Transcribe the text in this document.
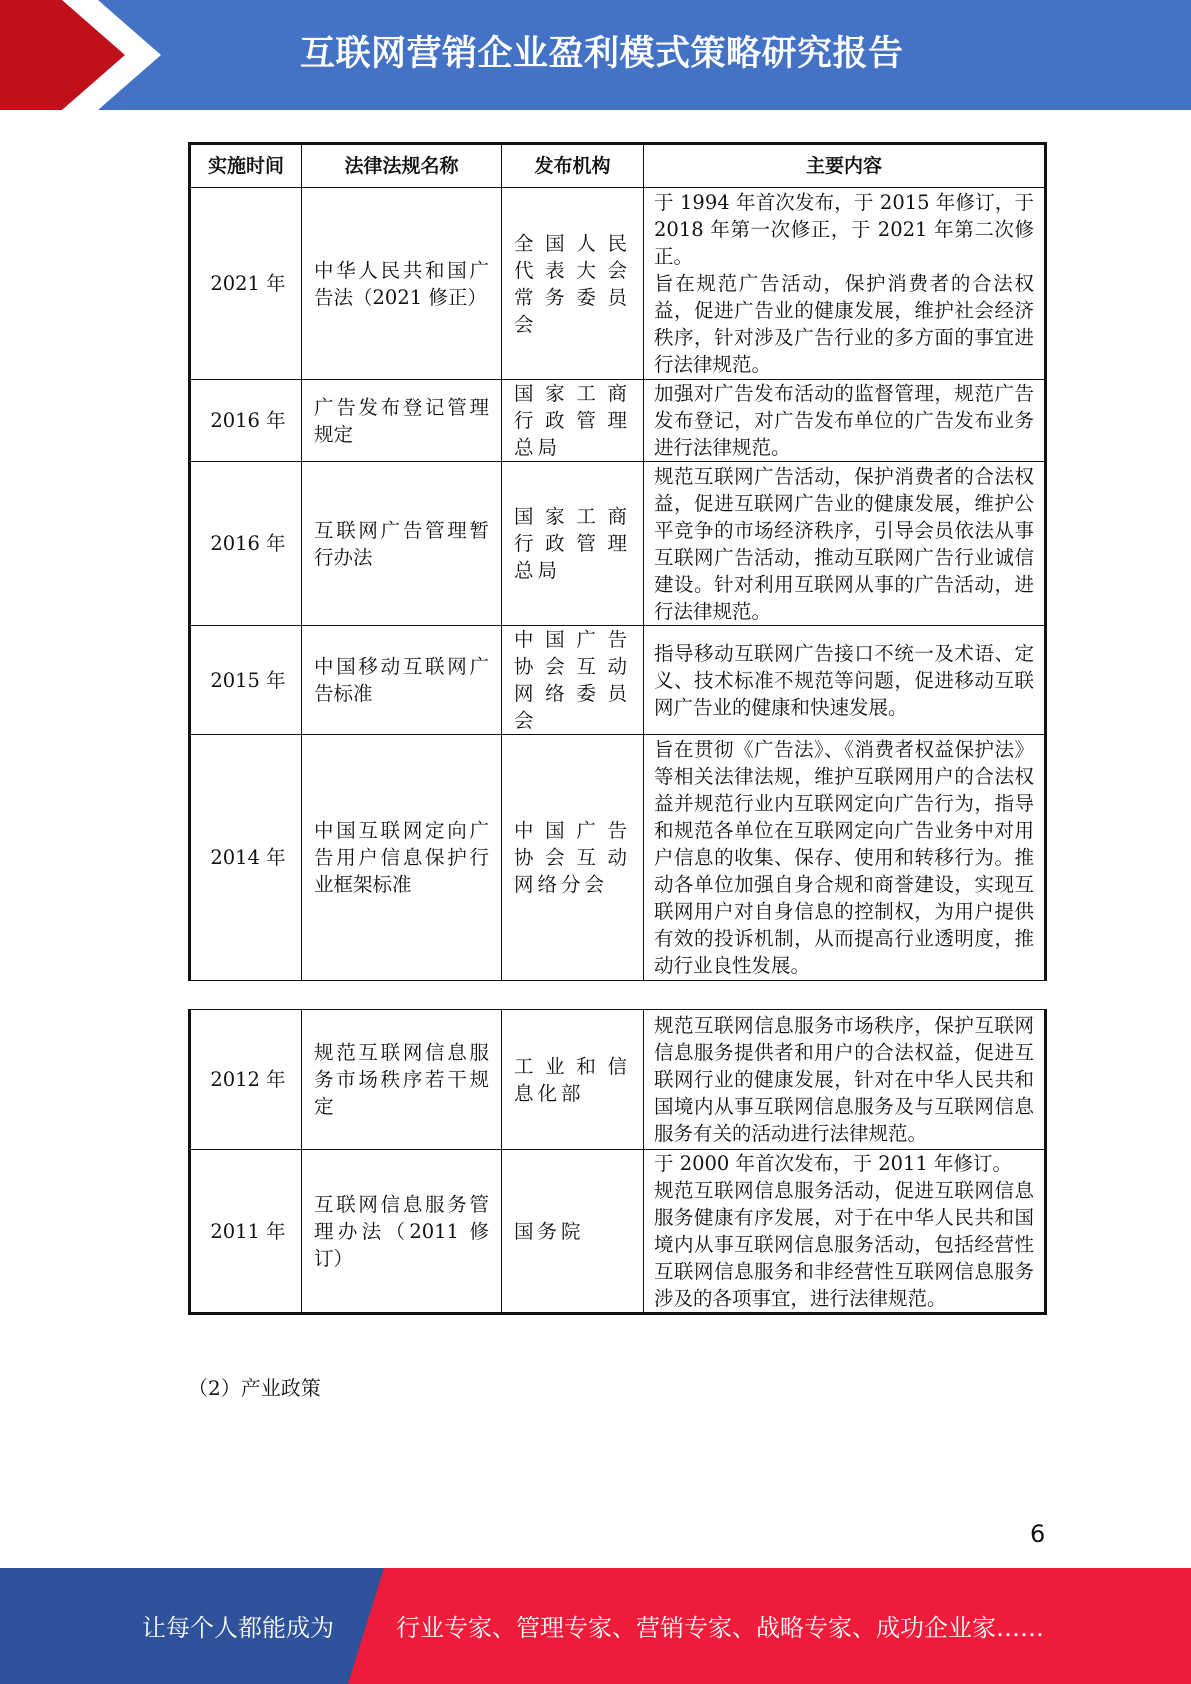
互联网营销企业盈利模式策略研究报告
实施时间	法律法规名称	发布机构	主要内容
2021 年	中华人民共和国广告法（2021 修正）	全国人民代表大会常务委员会	于 1994 年首次发布，于 2015 年修订，于 2018 年第一次修正，于 2021 年第二次修正。
旨在规范广告活动，保护消费者的合法权益，促进广告业的健康发展，维护社会经济秩序，针对涉及广告行业的多方面的事宜进行法律规范。

2016 年	广告发布登记管理规定	国家工商行政管理总局	加强对广告发布活动的监督管理，规范广告发布登记，对广告发布单位的广告发布业务进行法律规范。

2016 年	互联网广告管理暂行办法	国家工商行政管理总局	规范互联网广告活动，保护消费者的合法权益，促进互联网广告业的健康发展，维护公平竞争的市场经济秩序，引导会员依法从事互联网广告活动，推动互联网广告行业诚信建设。针对利用互联网从事的广告活动，进行法律规范。

2015 年	中国移动互联网广告标准	中国广告协会互动网络委员会	指导移动互联网广告接口不统一及术语、定义、技术标准不规范等问题，促进移动互联网广告业的健康和快速发展。

2014 年	中国互联网定向广告用户信息保护行业框架标准	中国广告协会互动网络分会	旨在贯彻《广告法》、《消费者权益保护法》等相关法律法规，维护互联网用户的合法权益并规范行业内互联网定向广告行为，指导和规范各单位在互联网定向广告业务中对用户信息的收集、保存、使用和转移行为。推动各单位加强自身合规和商誉建设，实现互联网用户对自身信息的控制权，为用户提供有效的投诉机制，从而提高行业透明度，推动行业良性发展。
2012 年	规范互联网信息服务市场秩序若干规定	工业和信息化部	规范互联网信息服务市场秩序，保护互联网信息服务提供者和用户的合法权益，促进互联网行业的健康发展，针对在中华人民共和国境内从事互联网信息服务及与互联网信息服务有关的活动进行法律规范。

2011 年	互联网信息服务管理办法（2011 修订）	国务院	于 2000 年首次发布，于 2011 年修订。
规范互联网信息服务活动，促进互联网信息服务健康有序发展，对于在中华人民共和国境内从事互联网信息服务活动，包括经营性互联网信息服务和非经营性互联网信息服务涉及的各项事宜，进行法律规范。
（2）产业政策
6
让每个人都能成为	行业专家、管理专家、营销专家、战略专家、成功企业家……
